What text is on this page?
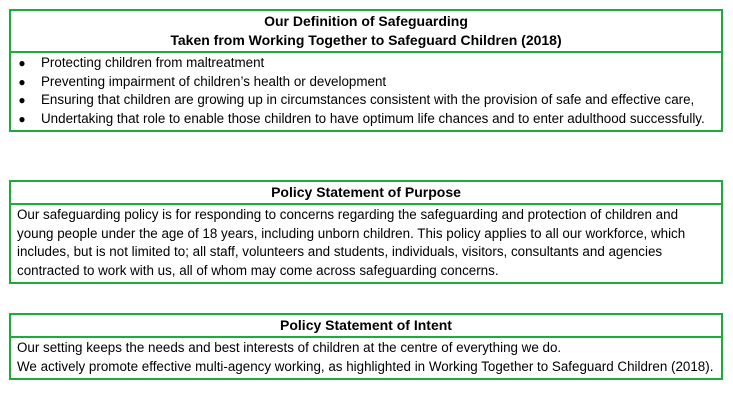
Our Definition of Safeguarding
Taken from Working Together to Safeguard Children (2018)
● Protecting children from maltreatment
● Preventing impairment of children’s health or development
● Ensuring that children are growing up in circumstances consistent with the provision of safe and effective care,
● Undertaking that role to enable those children to have optimum life chances and to enter adulthood successfully.
Policy Statement of Purpose
Our safeguarding policy is for responding to concerns regarding the safeguarding and protection of children and young people under the age of 18 years, including unborn children. This policy applies to all our workforce, which includes, but is not limited to; all staff, volunteers and students, individuals, visitors, consultants and agencies contracted to work with us, all of whom may come across safeguarding concerns.
Policy Statement of Intent
Our setting keeps the needs and best interests of children at the centre of everything we do.
We actively promote effective multi-agency working, as highlighted in Working Together to Safeguard Children (2018).
